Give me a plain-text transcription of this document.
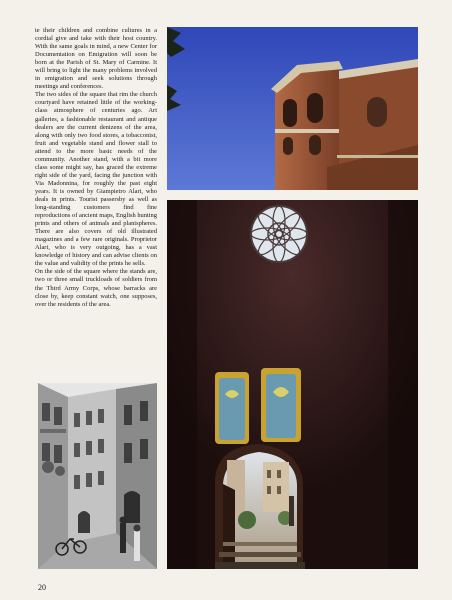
te their children and combine cultures in a cordial give and take with their host country. With the same goals in mind, a new Center for Documentation on Emigration will soon be born at the Parish of St. Mary of Carmine. It will bring to light the many problems involved in emigration and seek solutions through meetings and conferences.

The two sides of the square that rim the church courtyard have retained little of the working-class atmosphere of centuries ago. Art galleries, a fashionable restaurant and antique dealers are the current denizens of the area, along with only two food stores, a tobacconist, fruit and vegetable stand and flower stall to attend to the more basic needs of the community. Another stand, with a bit more class some might say, has graced the extreme right side of the yard, facing the junction with Via Madonnina, for roughly the past eight years. It is owned by Giampietro Alari, who deals in prints. Tourist passersby as well as long-standing customers find fine reproductions of ancient maps, English hunting prints and others of animals and planispheres. There are also covers of old illustrated magazines and a few rare originals. Proprietor Alari, who is very outgoing, has a vast knowledge of history and can advise clients on the value and validity of the prints he sells.

On the side of the square where the stands are, two or three small truckloads of soldiers from the Third Army Corps, whose barracks are close by, keep constant watch, one supposes, over the residents of the area.

20
